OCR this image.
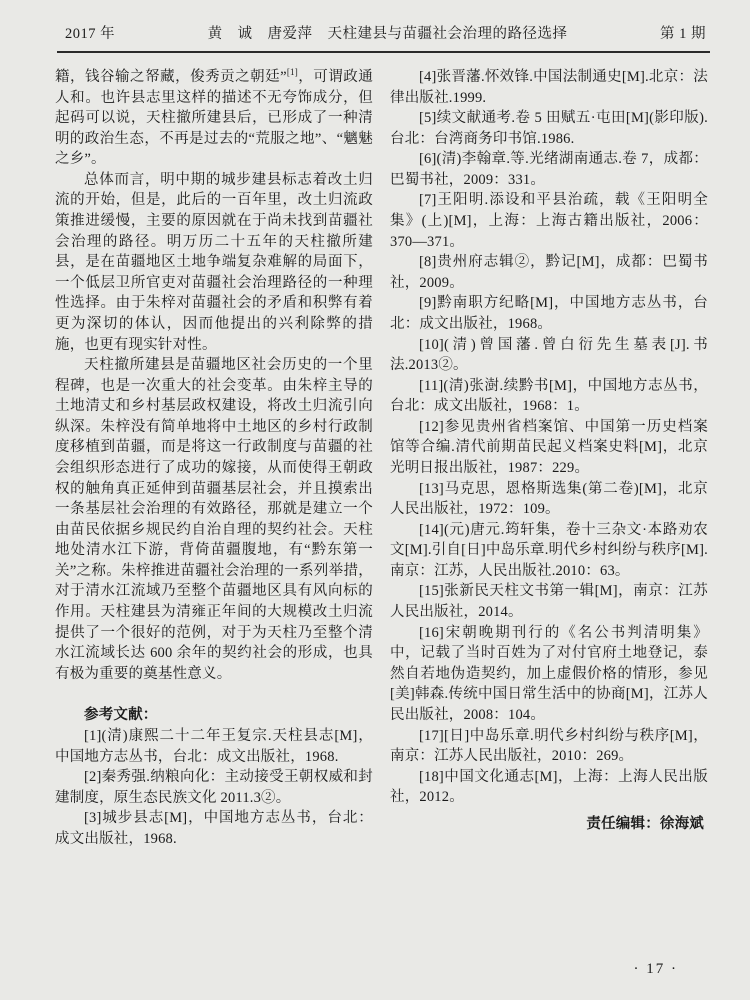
2017 年	黄　诚　唐爱萍　天柱建县与苗疆社会治理的路径选择	第 1 期

籍，钱谷输之帑藏，俊秀贡之朝廷”[1]，可谓政通人和。也许县志里这样的描述不无夸饰成分，但起码可以说，天柱撤所建县后，已形成了一种清明的政治生态，不再是过去的“荒服之地”、“魑魅之乡”。

总体而言，明中期的城步建县标志着改土归流的开始，但是，此后的一百年里，改土归流政策推进缓慢，主要的原因就在于尚未找到苗疆社会治理的路径。明万历二十五年的天柱撤所建县，是在苗疆地区土地争端复杂难解的局面下，一个低层卫所官吏对苗疆社会治理路径的一种理性选择。由于朱梓对苗疆社会的矛盾和积弊有着更为深切的体认，因而他提出的兴利除弊的措施，也更有现实针对性。

天柱撤所建县是苗疆地区社会历史的一个里程碑，也是一次重大的社会变革。由朱梓主导的土地清丈和乡村基层政权建设，将改土归流引向纵深。朱梓没有简单地将中土地区的乡村行政制度移植到苗疆，而是将这一行政制度与苗疆的社会组织形态进行了成功的嫁接，从而使得王朝政权的触角真正延伸到苗疆基层社会，并且摸索出一条基层社会治理的有效路径，那就是建立一个由苗民依据乡规民约自治自理的契约社会。天柱地处清水江下游，背倚苗疆腹地，有“黔东第一关”之称。朱梓推进苗疆社会治理的一系列举措，对于清水江流域乃至整个苗疆地区具有风向标的作用。天柱建县为清雍正年间的大规模改土归流提供了一个很好的范例，对于为天柱乃至整个清水江流域长达 600 余年的契约社会的形成，也具有极为重要的奠基性意义。

参考文献：

[1](清)康熙二十二年王复宗.天柱县志[M]，中国地方志丛书，台北：成文出版社，1968.

[2]秦秀强.纳粮向化：主动接受王朝权威和封建制度，原生态民族文化 2011.3②。

[3]城步县志[M]，中国地方志丛书，台北：成文出版社，1968.

[4]张晋藩.怀效锋.中国法制通史[M].北京：法律出版社.1999.

[5]续文献通考.卷 5 田赋五·屯田[M](影印版).台北：台湾商务印书馆.1986.

[6](清)李翰章.等.光绪湖南通志.卷 7，成都：巴蜀书社，2009：331。

[7]王阳明.添设和平县治疏，载《王阳明全集》(上)[M]，上海：上海古籍出版社，2006：370—371。

[8]贵州府志辑②，黔记[M]，成都：巴蜀书社，2009。

[9]黔南职方纪略[M]，中国地方志丛书，台北：成文出版社，1968。

[10](清)曾国藩.曾白衍先生墓表[J].书法.2013②。

[11](清)张澍.续黔书[M]，中国地方志丛书，台北：成文出版社，1968：1。

[12]参见贵州省档案馆、中国第一历史档案馆等合编.清代前期苗民起义档案史料[M]，北京光明日报出版社，1987：229。

[13]马克思，恩格斯选集(第二卷)[M]，北京人民出版社，1972：109。

[14](元)唐元.筠轩集，卷十三杂文·本路劝农文[M].引自[日]中岛乐章.明代乡村纠纷与秩序[M].南京：江苏，人民出版社.2010：63。

[15]张新民天柱文书第一辑[M]，南京：江苏人民出版社，2014。

[16]宋朝晚期刊行的《名公书判清明集》中，记载了当时百姓为了对付官府土地登记，泰然自若地伪造契约，加上虚假价格的情形，参见[美]韩森.传统中国日常生活中的协商[M]，江苏人民出版社，2008：104。

[17][日]中岛乐章.明代乡村纠纷与秩序[M]，南京：江苏人民出版社，2010：269。

[18]中国文化通志[M]，上海：上海人民出版社，2012。

责任编辑：徐海斌

· 17 ·
